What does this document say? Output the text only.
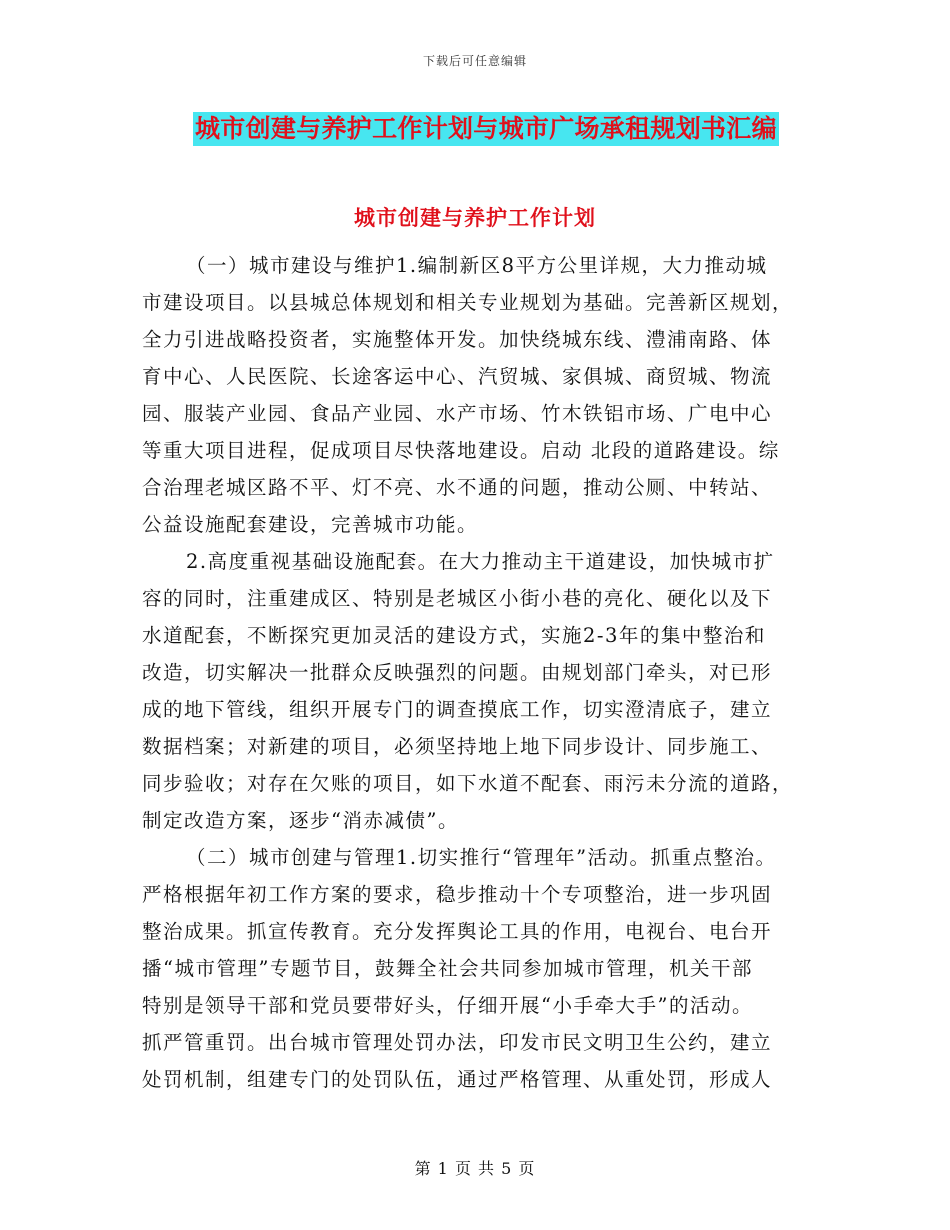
下载后可任意编辑
城市创建与养护工作计划与城市广场承租规划书汇编
城市创建与养护工作计划
（一）城市建设与维护1.编制新区8平方公里详规，大力推动城
市建设项目。以县城总体规划和相关专业规划为基础。完善新区规划，
全力引进战略投资者，实施整体开发。加快绕城东线、澧浦南路、体
育中心、人民医院、长途客运中心、汽贸城、家俱城、商贸城、物流
园、服装产业园、食品产业园、水产市场、竹木铁铝市场、广电中心
等重大项目进程，促成项目尽快落地建设。启动 北段的道路建设。综
合治理老城区路不平、灯不亮、水不通的问题，推动公厕、中转站、
公益设施配套建设，完善城市功能。
2.高度重视基础设施配套。在大力推动主干道建设，加快城市扩
容的同时，注重建成区、特别是老城区小街小巷的亮化、硬化以及下
水道配套，不断探究更加灵活的建设方式，实施2-3年的集中整治和
改造，切实解决一批群众反映强烈的问题。由规划部门牵头，对已形
成的地下管线，组织开展专门的调查摸底工作，切实澄清底子，建立
数据档案；对新建的项目，必须坚持地上地下同步设计、同步施工、
同步验收；对存在欠账的项目，如下水道不配套、雨污未分流的道路，
制定改造方案，逐步“消赤减债”。
（二）城市创建与管理1.切实推行“管理年”活动。抓重点整治。
严格根据年初工作方案的要求，稳步推动十个专项整治，进一步巩固
整治成果。抓宣传教育。充分发挥舆论工具的作用，电视台、电台开
播“城市管理”专题节目，鼓舞全社会共同参加城市管理，机关干部
特别是领导干部和党员要带好头，仔细开展“小手牵大手”的活动。
抓严管重罚。出台城市管理处罚办法，印发市民文明卫生公约，建立
处罚机制，组建专门的处罚队伍，通过严格管理、从重处罚，形成人
第 1 页 共 5 页
